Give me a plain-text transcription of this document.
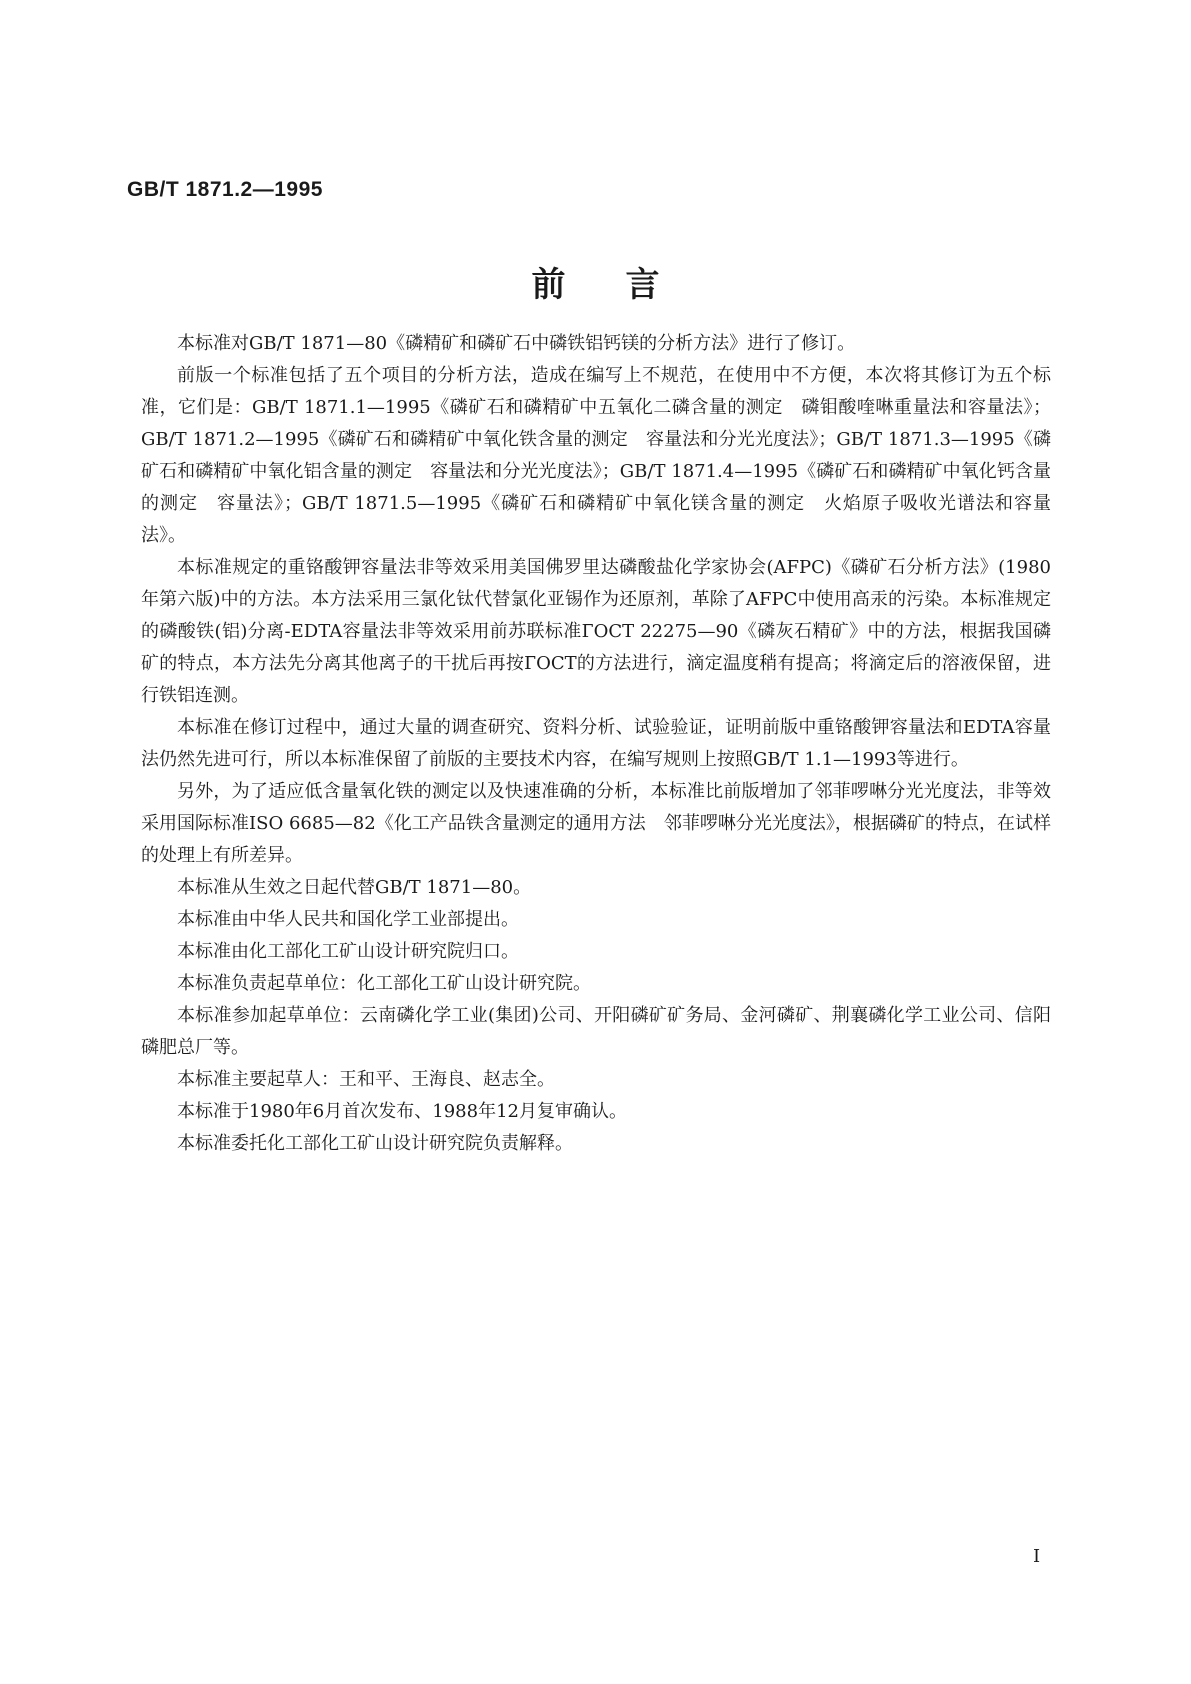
GB/T 1871.2—1995
前言

本标准对GB/T 1871—80《磷精矿和磷矿石中磷铁铝钙镁的分析方法》进行了修订。

前版一个标准包括了五个项目的分析方法，造成在编写上不规范，在使用中不方便，本次将其修订为五个标准，它们是：GB/T 1871.1—1995《磷矿石和磷精矿中五氧化二磷含量的测定　磷钼酸喹啉重量法和容量法》；GB/T 1871.2—1995《磷矿石和磷精矿中氧化铁含量的测定　容量法和分光光度法》；GB/T 1871.3—1995《磷矿石和磷精矿中氧化铝含量的测定　容量法和分光光度法》；GB/T 1871.4—1995《磷矿石和磷精矿中氧化钙含量的测定　容量法》；GB/T 1871.5—1995《磷矿石和磷精矿中氧化镁含量的测定　火焰原子吸收光谱法和容量法》。

本标准规定的重铬酸钾容量法非等效采用美国佛罗里达磷酸盐化学家协会(AFPC)《磷矿石分析方法》(1980年第六版)中的方法。本方法采用三氯化钛代替氯化亚锡作为还原剂，革除了AFPC中使用高汞的污染。本标准规定的磷酸铁(铝)分离-EDTA容量法非等效采用前苏联标准ГОСТ 22275—90《磷灰石精矿》中的方法，根据我国磷矿的特点，本方法先分离其他离子的干扰后再按ГОСТ的方法进行，滴定温度稍有提高；将滴定后的溶液保留，进行铁铝连测。

本标准在修订过程中，通过大量的调查研究、资料分析、试验验证，证明前版中重铬酸钾容量法和EDTA容量法仍然先进可行，所以本标准保留了前版的主要技术内容，在编写规则上按照GB/T 1.1—1993等进行。

另外，为了适应低含量氧化铁的测定以及快速准确的分析，本标准比前版增加了邻菲啰啉分光光度法，非等效采用国际标准ISO 6685—82《化工产品铁含量测定的通用方法　邻菲啰啉分光光度法》，根据磷矿的特点，在试样的处理上有所差异。

本标准从生效之日起代替GB/T 1871—80。

本标准由中华人民共和国化学工业部提出。

本标准由化工部化工矿山设计研究院归口。

本标准负责起草单位：化工部化工矿山设计研究院。

本标准参加起草单位：云南磷化学工业(集团)公司、开阳磷矿矿务局、金河磷矿、荆襄磷化学工业公司、信阳磷肥总厂等。

本标准主要起草人：王和平、王海良、赵志全。

本标准于1980年6月首次发布、1988年12月复审确认。

本标准委托化工部化工矿山设计研究院负责解释。

I
